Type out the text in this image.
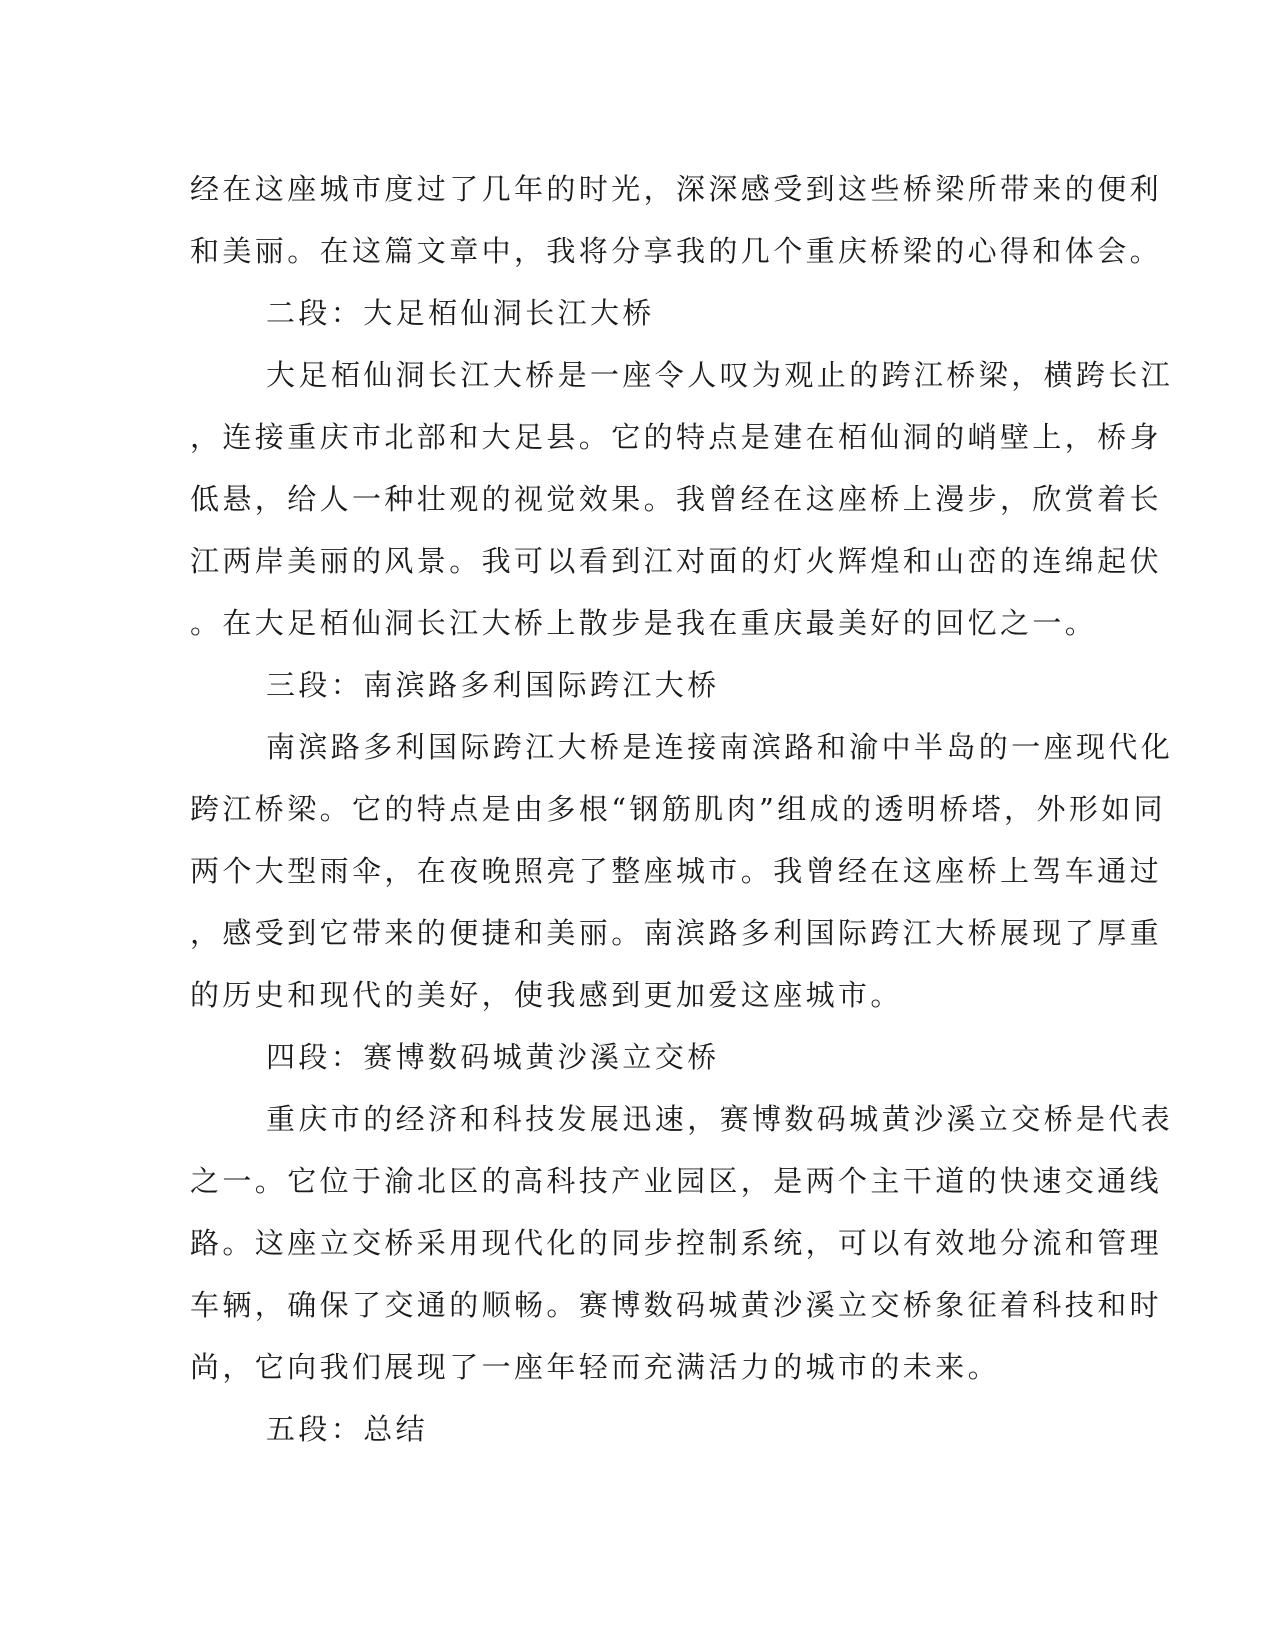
经在这座城市度过了几年的时光，深深感受到这些桥梁所带来的便利
和美丽。在这篇文章中，我将分享我的几个重庆桥梁的心得和体会。
二段：大足栢仙洞长江大桥
大足栢仙洞长江大桥是一座令人叹为观止的跨江桥梁，横跨长江
，连接重庆市北部和大足县。它的特点是建在栢仙洞的峭壁上，桥身
低悬，给人一种壮观的视觉效果。我曾经在这座桥上漫步，欣赏着长
江两岸美丽的风景。我可以看到江对面的灯火辉煌和山峦的连绵起伏
。在大足栢仙洞长江大桥上散步是我在重庆最美好的回忆之一。
三段：南滨路多利国际跨江大桥
南滨路多利国际跨江大桥是连接南滨路和渝中半岛的一座现代化
跨江桥梁。它的特点是由多根“钢筋肌肉”组成的透明桥塔，外形如同
两个大型雨伞，在夜晚照亮了整座城市。我曾经在这座桥上驾车通过
，感受到它带来的便捷和美丽。南滨路多利国际跨江大桥展现了厚重
的历史和现代的美好，使我感到更加爱这座城市。
四段：赛博数码城黄沙溪立交桥
重庆市的经济和科技发展迅速，赛博数码城黄沙溪立交桥是代表
之一。它位于渝北区的高科技产业园区，是两个主干道的快速交通线
路。这座立交桥采用现代化的同步控制系统，可以有效地分流和管理
车辆，确保了交通的顺畅。赛博数码城黄沙溪立交桥象征着科技和时
尚，它向我们展现了一座年轻而充满活力的城市的未来。
五段：总结
